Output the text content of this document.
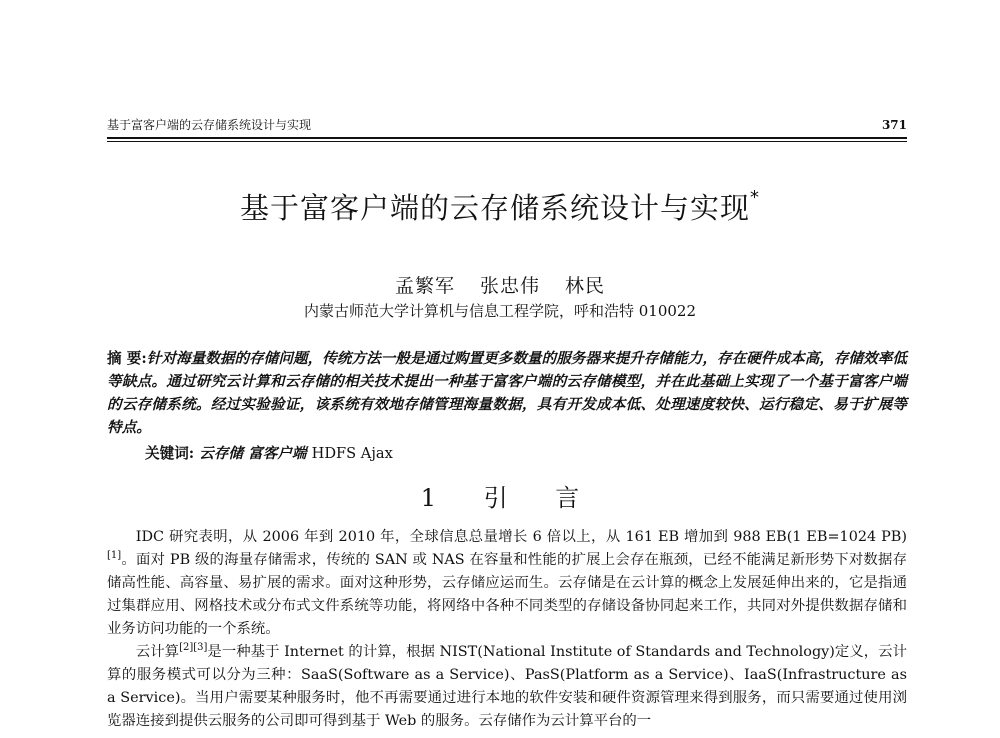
基于富客户端的云存储系统设计与实现	371
基于富客户端的云存储系统设计与实现*
孟繁军 张忠伟 林民
内蒙古师范大学计算机与信息工程学院，呼和浩特 010022
摘 要:针对海量数据的存储问题，传统方法一般是通过购置更多数量的服务器来提升存储能力，存在硬件成本高，存储效率低等缺点。通过研究云计算和云存储的相关技术提出一种基于富客户端的云存储模型，并在此基础上实现了一个基于富客户端的云存储系统。经过实验验证，该系统有效地存储管理海量数据，具有开发成本低、处理速度较快、运行稳定、易于扩展等特点。
关键词: 云存储 富客户端 HDFS Ajax
1 引 言

IDC 研究表明，从 2006 年到 2010 年，全球信息总量增长 6 倍以上，从 161 EB 增加到 988 EB(1 EB=1024 PB)[1]。面对 PB 级的海量存储需求，传统的 SAN 或 NAS 在容量和性能的扩展上会存在瓶颈，已经不能满足新形势下对数据存储高性能、高容量、易扩展的需求。面对这种形势，云存储应运而生。云存储是在云计算的概念上发展延伸出来的，它是指通过集群应用、网格技术或分布式文件系统等功能，将网络中各种不同类型的存储设备协同起来工作，共同对外提供数据存储和业务访问功能的一个系统。

云计算[2][3]是一种基于 Internet 的计算，根据 NIST(National Institute of Standards and Technology)定义，云计算的服务模式可以分为三种：SaaS(Software as a Service)、PasS(Platform as a Service)、IaaS(Infrastructure as a Service)。当用户需要某种服务时，他不再需要通过进行本地的软件安装和硬件资源管理来得到服务，而只需要通过使用浏览器连接到提供云服务的公司即可得到基于 Web 的服务。云存储作为云计算平台的一
